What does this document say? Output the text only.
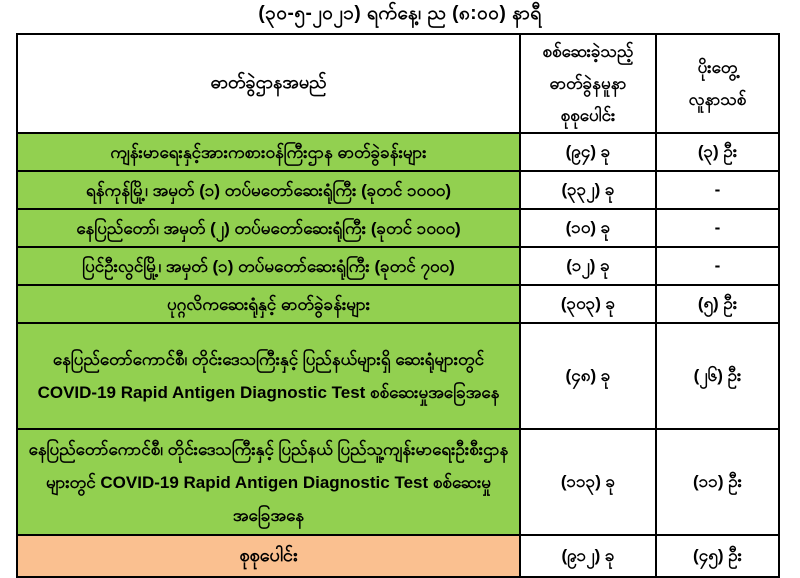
(၃၀-၅-၂၀၂၁) ရက်နေ့၊ ည (၈:၀၀) နာရီ
ဓာတ်ခွဲဌာနအမည်	
စစ်ဆေးခဲ့သည့်
ဓာတ်ခွဲနမူနာ
စုစုပေါင်း

ပိုးတွေ့
လူနာသစ်

ကျန်းမာရေးနှင့်အားကစားဝန်ကြီးဌာန ဓာတ်ခွဲခန်းများ	(၉၄) ခု	(၃) ဦး
ရန်ကုန်မြို့၊ အမှတ် (၁) တပ်မတော်ဆေးရုံကြီး (ခုတင် ၁၀၀၀)	(၃၃၂) ခု	-
နေပြည်တော်၊ အမှတ် (၂) တပ်မတော်ဆေးရုံကြီး (ခုတင် ၁၀၀၀)	(၁၀) ခု	-
ပြင်ဦးလွင်မြို့၊ အမှတ် (၁) တပ်မတော်ဆေးရုံကြီး (ခုတင် ၇၀၀)	(၁၂) ခု	-
ပုဂ္ဂလိကဆေးရုံနှင့် ဓာတ်ခွဲခန်းများ	(၃၀၃) ခု	(၅) ဦး
နေပြည်တော်ကောင်စီ၊ တိုင်းဒေသကြီးနှင့် ပြည်နယ်များရှိ ဆေးရုံများတွင် COVID-19 Rapid Antigen Diagnostic Test စစ်ဆေးမှုအခြေအနေ	(၄၈) ခု	(၂၆) ဦး
နေပြည်တော်ကောင်စီ၊ တိုင်းဒေသကြီးနှင့် ပြည်နယ် ပြည်သူ့ကျန်းမာရေးဦးစီးဌာနများတွင် COVID-19 Rapid Antigen Diagnostic Test စစ်ဆေးမှုအခြေအနေ	(၁၁၃) ခု	(၁၁) ဦး
စုစုပေါင်း	(၉၁၂) ခု	(၄၅) ဦး
